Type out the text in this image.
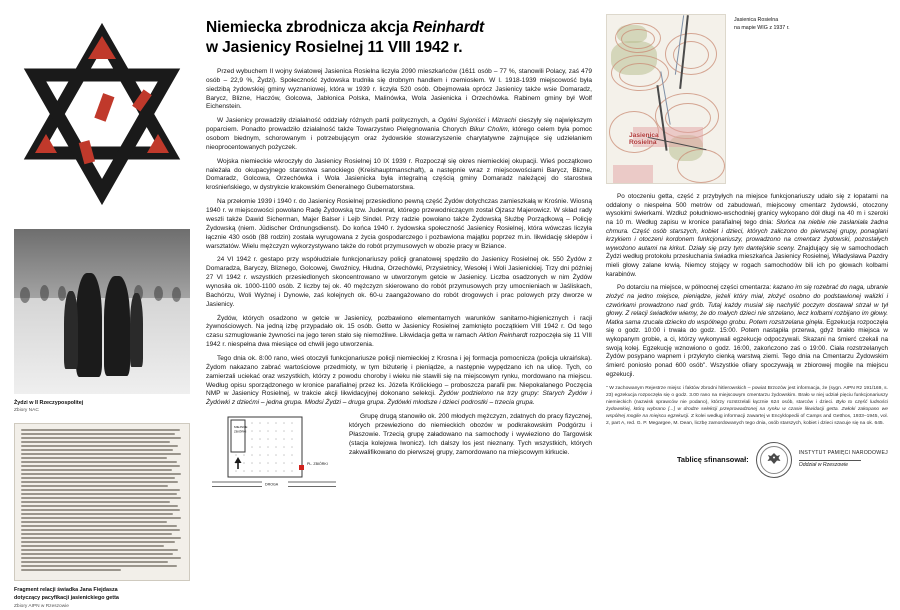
Żydzi w II Rzeczypospolitej
Zbiory NAC
Fragment relacji świadka Jana Fiejdasza
dotyczący pacyfikacji jasienickiego getta
Zbiory AIPN w Rzeszowie
Niemiecka zbrodnicza akcja Reinhardt
w Jasienicy Rosielnej 11 VIII 1942 r.

Przed wybuchem II wojny światowej Jasienica Rosielna liczyła 2090 mieszkańców (1611 osób – 77 %, stanowili Polacy, zaś 479 osób – 22,9 %, Żydzi). Społeczność żydowska trudniła się drobnym handlem i rzemiosłem. W l. 1918-1939 miejscowość była siedzibą żydowskiej gminy wyznaniowej, która w 1939 r. liczyła 520 osób. Obejmowała oprócz Jasienicy także wsie Domaradz, Barycz, Blizne, Haczów, Golcowa, Jabłonica Polska, Malinówka, Wola Jasienicka i Orzechówka. Rabinem gminy był Wolf Eichenstein.

W Jasienicy prowadziły działalność oddziały różnych partii politycznych, a Ogólni Syjoniści i Mizrachi cieszyły się największym poparciem. Ponadto prowadziło działalność także Towarzystwo Pielęgnowania Chorych Bikur Cholim, którego celem była pomoc osobom biednym, schorowanym i potrzebującym oraz żydowskie stowarzyszenie charytatywne zajmujące się udzielaniem nieoprocentowanych pożyczek.

Wojska niemieckie wkroczyły do Jasienicy Rosielnej 10 IX 1939 r. Rozpoczął się okres niemieckiej okupacji. Wieś początkowo należała do okupacyjnego starostwa sanockiego (Kreishauptmanschaft), a następnie wraz z miejscowościami Barycz, Blizne, Domaradz, Golcowa, Orzechówka i Wola Jasienicka była integralną częścią gminy Domaradz należącej do starostwa krośnieńskiego, w dystrykcie krakowskim Generalnego Gubernatorstwa.

Na przełomie 1939 i 1940 r. do Jasienicy Rosielnej przesiedlono pewną część Żydów dotychczas zamieszkałą w Krośnie. Wiosną 1940 r. w miejscowości powołano Radę Żydowską tzw. Judenrat, którego przewodniczącym został Ojzasz Majerowicz. W skład rady weszli także Dawid Sicherman, Majer Balser i Lejb Sindel. Przy radzie powołano także Żydowską Służbę Porządkową – Policję Żydowską (niem. Jüdischer Ordnungsdienst). Do końca 1940 r. żydowska społeczność Jasienicy Rosielnej, która wówczas liczyła łącznie 430 osób (88 rodzin) została wyrugowana z życia gospodarczego i pozbawiona majątku poprzez m.in. likwidację sklepów i warsztatów. Wielu mężczyzn wykorzystywano także do robót przymusowych w obozie pracy w Bziance.

24 VI 1942 r. gestapo przy współudziale funkcjonariuszy policji granatowej spędziło do Jasienicy Rosielnej ok. 550 Żydów z Domaradza, Baryczy, Bliznego, Golcowej, Gwoźnicy, Hłudna, Orzechówki, Przysietnicy, Wesołej i Woli Jasienickiej. Trzy dni później 27 VI 1942 r. wszystkich przesiedlonych skoncentrowano w utworzonym getcie w Jasienicy. Liczba osadzonych w nim Żydów wynosiła ok. 1000-1100 osób. Z liczby tej ok. 40 mężczyzn skierowano do robót przymusowych przy umocnieniach w Jaśliskach, Bachórzu, Woli Wyżnej i Dynowie, zaś kolejnych ok. 60-u zaangażowano do robót drogowych i prac polowych przy dworze w Jasienicy.

Żydów, których osadzono w getcie w Jasienicy, pozbawiono elementarnych warunków sanitarno-higienicznych i racji żywnościowych. Na jedną izbę przypadało ok. 15 osób. Getto w Jasienicy Rosielnej zamknięto początkiem VIII 1942 r. Od tego czasu szmuglowanie żywności na jego teren stało się niemożliwe. Likwidacja getta w ramach Aktion Reinhardt rozpoczęła się 11 VIII 1942 r. niespełna dwa miesiące od chwili jego utworzenia.

Tego dnia ok. 8:00 rano, wieś otoczyli funkcjonariusze policji niemieckiej z Krosna i jej formacja pomocnicza (policja ukraińska). Żydom nakazano zabrać wartościowe przedmioty, w tym biżuterię i pieniądze, a następnie wypędzano ich na ulicę. Tych, co zamierzali uciekać oraz wszystkich, którzy z powodu choroby i wieku nie stawili się na miejscowym rynku, mordowano na miejscu. Według opisu sporządzonego w kronice parafialnej przez ks. Józefa Królickiego – proboszcza parafii pw. Niepokalanego Poczęcia NMP w Jasienicy Rosielnej, w trakcie akcji likwidacyjnej dokonano selekcji. Żydów podzielono na trzy grupy: Starych Żydów i Żydówki z dziećmi – jedna grupa. Młodsi Żydzi – druga grupa. Żydówki młodsze i dzieci podrostki – trzecia grupa.

PL. ZBIÓRKI
MIEJSCE
ZBIÓRKI
DROGA

Grupę drugą stanowiło ok. 200 młodych mężczyzn, zdatnych do pracy fizycznej, których przewieziono do niemieckich obozów w podkrakowskim Podgórzu i Płaszowie. Trzecią grupę załadowano na samochody i wywieziono do Targowisk (stacja kolejowa Iwonicz). Ich dalszy los jest nieznany. Tych wszystkich, których zakwalifikowano do pierwszej grupy, zamordowano na miejscowym kirkucie.

Jasienica
Rosielna
Jasienica Rosielna
na mapie WIG z 1937 r.

Po otoczeniu getta, część z przybyłych na miejsce funkcjonariuszy udało się z łopatami na oddalony o niespełna 500 metrów od zabudowań, miejscowy cmentarz żydowski, otoczony wysokimi świerkami. Wzdłuż południowo-wschodniej granicy wykopano dół długi na 40 m i szeroki na 10 m. Według zapisu w kronice parafialnej tego dnia: Słońca na niebie nie zasłaniała żadna chmura. Część osób starszych, kobiet i dzieci, których zaliczono do pierwszej grupy, ponaglani krzykiem i otoczeni kordonem funkcjonariuszy, prowadzono na cmentarz żydowski, pozostałych wywożono autami na kirkut. Działy się przy tym dantejskie sceny. Znajdujący się w samochodach Żydzi według protokołu przesłuchania świadka mieszkańca Jasienicy Rosielnej, Władysława Pazdry mieli głowy zalane krwią. Niemcy stojący w rogach samochodów bili ich po głowach kolbami karabinów.

Po dotarciu na miejsce, w północnej części cmentarza: kazano im się rozebrać do naga, ubranie złożyć na jedno miejsce, pieniądze, jeżeli który miał, złożyć osobno do podstawionej walizki i czwórkami prowadzono nad grób. Tutaj każdy musiał się nachylić poczym dostawał strzał w tył głowy. Z relacji świadków wiemy, że do małych dzieci nie strzelano, lecz kolbami rozbijano im głowy. Matka sama rzucała dziecko do wspólnego grobu. Potem rozstrzelana ginęła. Egzekucja rozpoczęła się o godz. 10:00 i trwała do godz. 15:00. Potem nastąpiła przerwa, gdyż brakło miejsca w wykopanym grobie, a ci, którzy wykonywali egzekucje odpoczywali. Skazani na śmierć czekali na swoją kolej. Egzekucję wznowiono o godz. 16:00, zakończono zaś o 19:00. Ciała rozstrzelanych Żydów posypano wapnem i przykryto cienką warstwą ziemi. Tego dnia na Cmentarzu Żydowskim śmierć poniosło ponad 600 osób". Wszystkie ofiary spoczywają w zbiorowej mogile na miejscu egzekucji.

" W zachowanym Rejestrze miejsc i faktów zbrodni hitlerowskich – powiat Brzozów jest informacja, że (sygn. AIPN Rz 191/169, s. 23) egzekucja rozpoczęła się o godz. 3.00 rano na miejscowym cmentarzu żydowskim. Brało w niej udział pięciu funkcjonariuszy niemieckich (nazwisk sprawców nie podano), którzy rozstrzelali łącznie 624 osób, starców i dzieci. Było to część ludności żydowskiej, którą wybrano [...] w drodze selekcji przeprowadzonej na rynku w czasie likwidacji getta. Zwłoki zakopano we wspólnej mogile na miejscu egzekucji. Z kolei według informacji zawartej w Encyklopedii of Camps and Getthos, 1933–1945, vol. 2, part A, red. G. P. Megargee, M. Dean, liczbę zamordowanych tego dnia, osób starszych, kobiet i dzieci szacuje się na ok. 645.

Tablicę sfinansował:
INSTYTUT PAMIĘCI NARODOWEJ
Oddział w Rzeszowie
